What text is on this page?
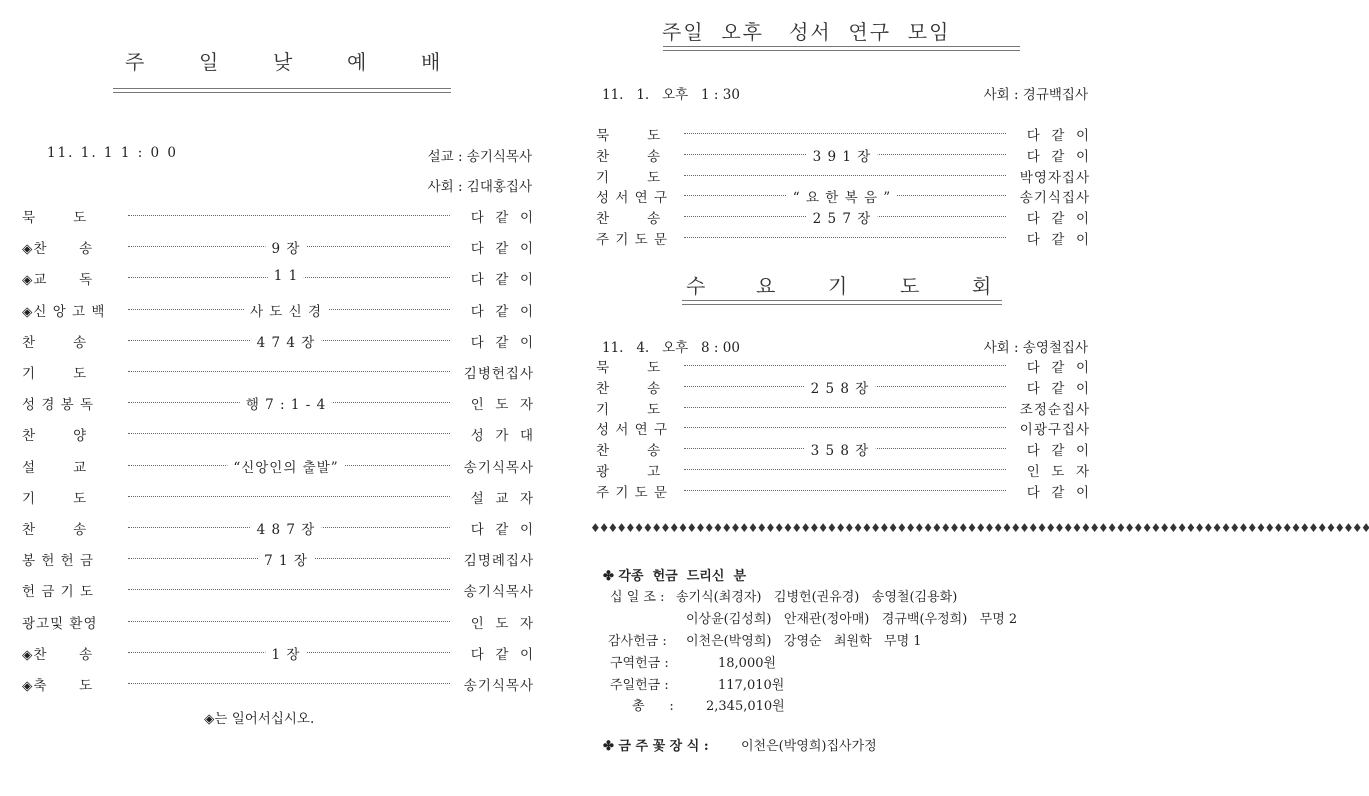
주	일	낮	예	배
11. 1. 1 1 : 0 0	설교 : 송기식목사
사회 : 김대홍집사
묵       도	다  같  이
◈찬      송	9 장	다  같  이
◈교      독	1 1	다  같  이
◈신 앙 고 백	사 도 신 경	다  같  이
찬       송	4 7 4 장	다  같  이
기       도	김병헌집사
성 경 봉 독	행 7 : 1 - 4	인  도  자
찬       양	성  가  대
설       교	“신앙인의 출발”	송기식목사
기       도	설  교  자
찬       송	4 8 7 장	다  같  이
봉 헌 헌 금	7 1 장	김명례집사
헌 금 기 도	송기식목사
광고및 환영	인  도  자
◈찬      송	1 장	다  같  이
◈축      도	송기식목사
◈는 일어서십시오.
주일  오후   성서  연구  모임
11.   1.   오후   1 : 30	사회 : 경규백집사
묵       도	다  같  이
찬       송	3 9 1 장	다  같  이
기       도	박영자집사
성 서 연 구	“ 요 한 복 음 ”	송기식집사
찬       송	2 5 7 장	다  같  이
주 기 도 문	다  같  이
수 요	기	도	회
11.   4.   오후   8 : 00	사회 : 송영철집사
묵       도	다  같  이
찬       송	2 5 8 장	다  같  이
기       도	조정순집사
성 서 연 구	이광구집사
찬       송	3 5 8 장	다  같  이
광       고	인  도  자
주 기 도 문	다  같  이
♦♦♦♦♦♦♦♦♦♦♦♦♦♦♦♦♦♦♦♦♦♦♦♦♦♦♦♦♦♦♦♦♦♦♦♦♦♦♦♦♦♦♦♦♦♦♦♦♦♦♦♦♦♦♦♦♦♦♦♦♦♦♦♦♦♦♦♦♦♦♦♦♦♦♦♦♦♦♦♦♦♦♦♦♦♦♦♦♦
✤ 각종  헌금  드리신  분
십 일 조 : 송기식(최경자)   김병헌(권유경)   송영철(김용화)
이상윤(김성희)   안재관(정아매)   경규백(우정희)   무명 2
감사헌금 : 이천은(박영희)   강영순   최원학   무명 1
구역헌금 :	18,000원
주일헌금 :	117,010원
총      : 2,345,010원
✤ 금 주 꽃 장 식 : 이천은(박영희)집사가정
